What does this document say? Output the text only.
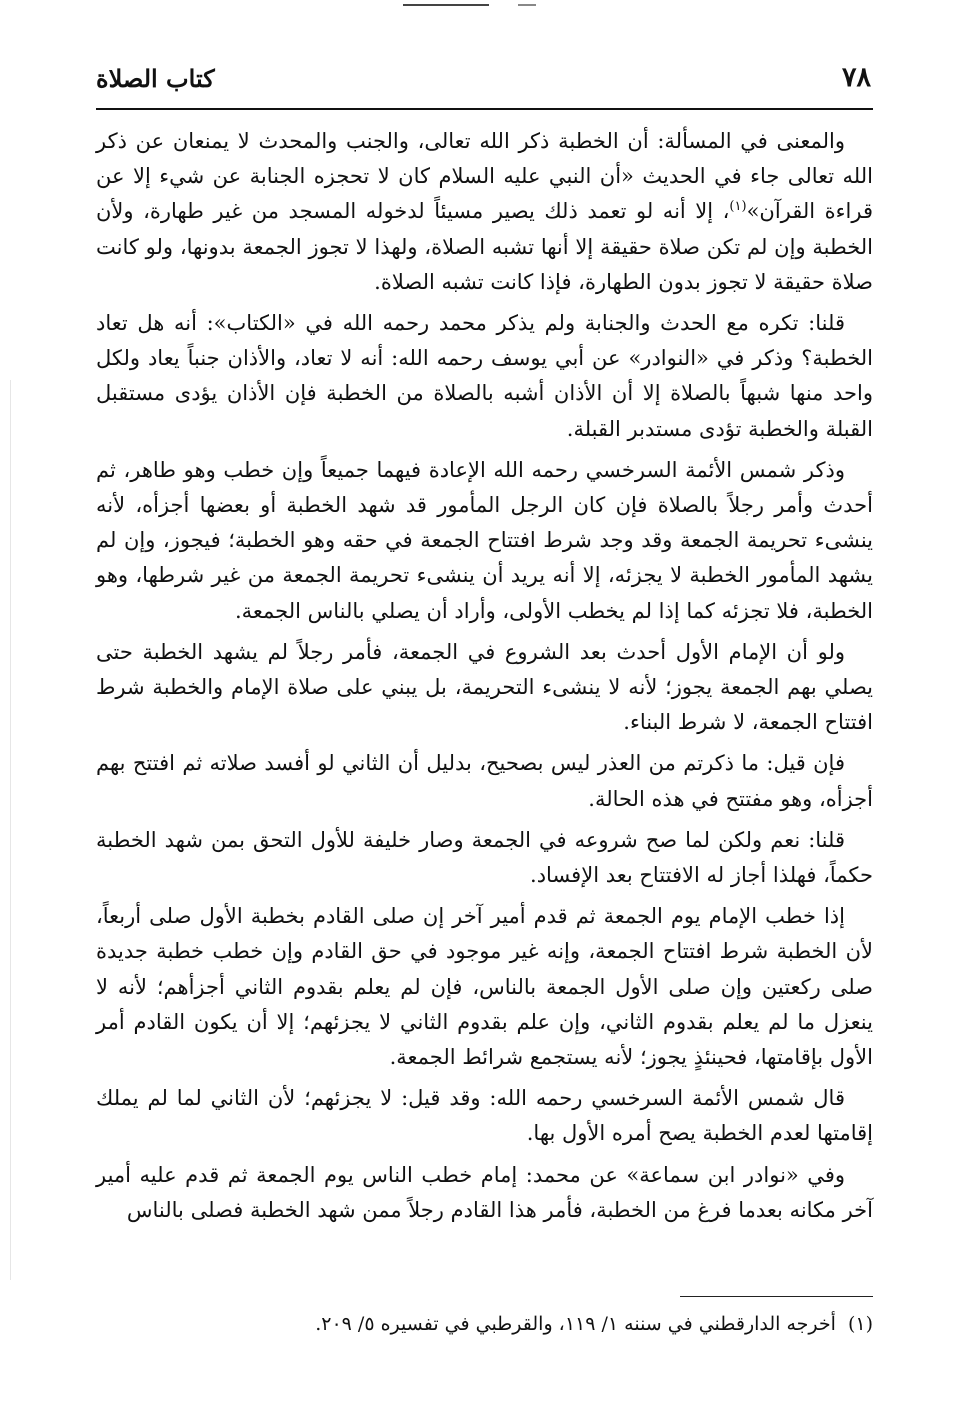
كتاب الصلاة	٧٨

والمعنى في المسألة: أن الخطبة ذكر الله تعالى، والجنب والمحدث لا يمنعان عن ذكر الله تعالى جاء في الحديث «أن النبي عليه السلام كان لا تحجزه الجنابة عن شيء إلا عن قراءة القرآن»$^{(١)}$، إلا أنه لو تعمد ذلك يصير مسيئاً لدخوله المسجد من غير طهارة، ولأن الخطبة وإن لم تكن صلاة حقيقة إلا أنها تشبه الصلاة، ولهذا لا تجوز الجمعة بدونها، ولو كانت صلاة حقيقة لا تجوز بدون الطهارة، فإذا كانت تشبه الصلاة.

قلنا: تكره مع الحدث والجنابة ولم يذكر محمد رحمه الله في «الكتاب»: أنه هل تعاد الخطبة؟ وذكر في «النوادر» عن أبي يوسف رحمه الله: أنه لا تعاد، والأذان جنباً يعاد ولكل واحد منها شبهاً بالصلاة إلا أن الأذان أشبه بالصلاة من الخطبة فإن الأذان يؤدى مستقبل القبلة والخطبة تؤدى مستدبر القبلة.

وذكر شمس الأئمة السرخسي رحمه الله الإعادة فيهما جميعاً وإن خطب وهو طاهر، ثم أحدث وأمر رجلاً بالصلاة فإن كان الرجل المأمور قد شهد الخطبة أو بعضها أجزأه، لأنه ينشىء تحريمة الجمعة وقد وجد شرط افتتاح الجمعة في حقه وهو الخطبة؛ فيجوز، وإن لم يشهد المأمور الخطبة لا يجزئه، إلا أنه يريد أن ينشىء تحريمة الجمعة من غير شرطها، وهو الخطبة، فلا تجزئه كما إذا لم يخطب الأولى، وأراد أن يصلي بالناس الجمعة.

ولو أن الإمام الأول أحدث بعد الشروع في الجمعة، فأمر رجلاً لم يشهد الخطبة حتى يصلي بهم الجمعة يجوز؛ لأنه لا ينشىء التحريمة، بل يبني على صلاة الإمام والخطبة شرط افتتاح الجمعة، لا شرط البناء.

فإن قيل: ما ذكرتم من العذر ليس بصحيح، بدليل أن الثاني لو أفسد صلاته ثم افتتح بهم أجزأه، وهو مفتتح في هذه الحالة.

قلنا: نعم ولكن لما صح شروعه في الجمعة وصار خليفة للأول التحق بمن شهد الخطبة حكماً، فهلذا أجاز له الافتتاح بعد الإفساد.

إذا خطب الإمام يوم الجمعة ثم قدم أمير آخر إن صلى القادم بخطبة الأول صلى أربعاً، لأن الخطبة شرط افتتاح الجمعة، وإنه غير موجود في حق القادم وإن خطب خطبة جديدة صلى ركعتين وإن صلى الأول الجمعة بالناس، فإن لم يعلم بقدوم الثاني أجزأهم؛ لأنه لا ينعزل ما لم يعلم بقدوم الثاني، وإن علم بقدوم الثاني لا يجزئهم؛ إلا أن يكون القادم أمر الأول بإقامتها، فحينئذٍ يجوز؛ لأنه يستجمع شرائط الجمعة.

قال شمس الأئمة السرخسي رحمه الله: وقد قيل: لا يجزئهم؛ لأن الثاني لما لم يملك إقامتها لعدم الخطبة يصح أمره الأول بها.

وفي «نوادر ابن سماعة» عن محمد: إمام خطب الناس يوم الجمعة ثم قدم عليه أمير آخر مكانه بعدما فرغ من الخطبة، فأمر هذا القادم رجلاً ممن شهد الخطبة فصلى بالناس

(١)أخرجه الدارقطني في سننه ١/ ١١٩، والقرطبي في تفسيره ٥/ ٢٠٩.
